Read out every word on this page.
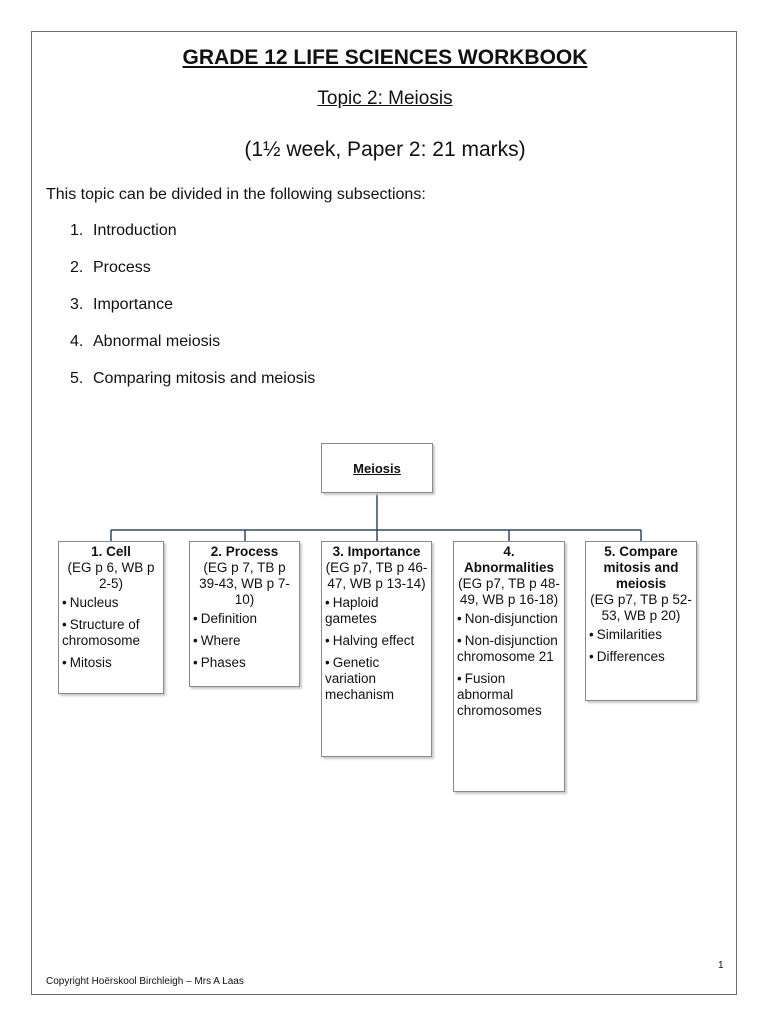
GRADE 12 LIFE SCIENCES WORKBOOK
Topic 2: Meiosis
(1½ week, Paper 2: 21 marks)
This topic can be divided in the following subsections:
1. Introduction
2. Process
3. Importance
4. Abnormal meiosis
5. Comparing mitosis and meiosis
Meiosis
1. Cell
(EG p 6, WB p 2-5)
• Nucleus
• Structure of chromosome
• Mitosis
2. Process
(EG p 7, TB p 39-43, WB p 7-10)
• Definition
• Where
• Phases
3. Importance
(EG p7, TB p 46-47, WB p 13-14)
• Haploid gametes
• Halving effect
• Genetic variation mechanism
4. Abnormalities
(EG p7, TB p 48-49, WB p 16-18)
• Non-disjunction
• Non-disjunction chromosome 21
• Fusion abnormal chromosomes
5. Compare mitosis and meiosis
(EG p7, TB p 52-53, WB p 20)
• Similarities
• Differences
1
Copyright Hoërskool Birchleigh – Mrs A Laas
